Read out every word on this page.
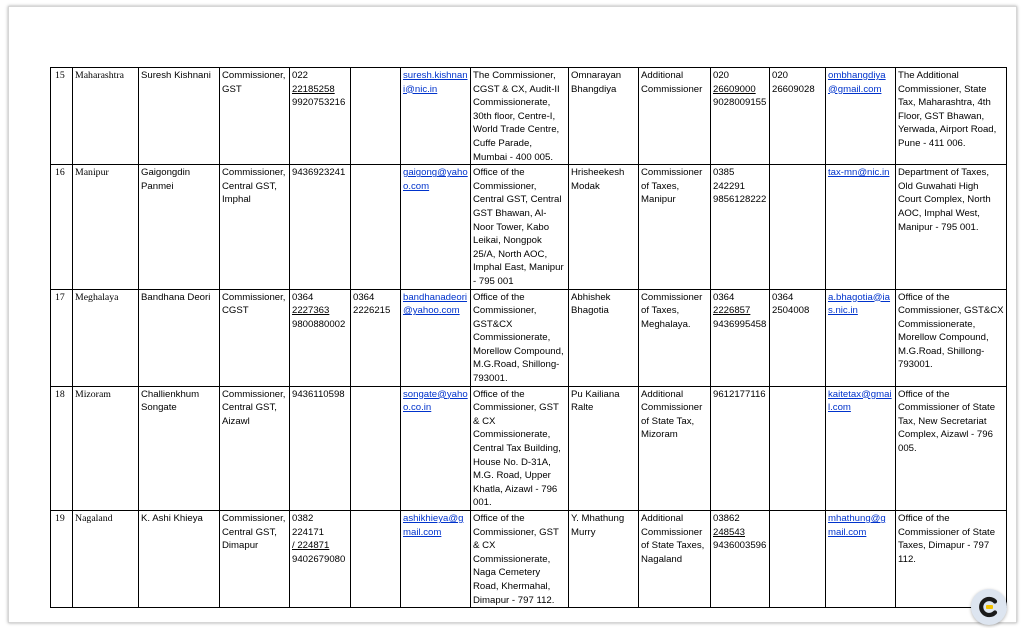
15	Maharashtra	Suresh Kishnani	Commissioner, GST	022
22185258
9920753216		suresh.kishnani@nic.in	The Commissioner, CGST & CX, Audit-II Commissionerate, 30th floor, Centre-I, World Trade Centre, Cuffe Parade, Mumbai - 400 005.	Omnarayan Bhangdiya	Additional Commissioner	020
26609000
9028009155	020 26609028	ombhangdiya@gmail.com	The Additional Commissioner, State Tax, Maharashtra, 4th Floor, GST Bhawan, Yerwada, Airport Road, Pune - 411 006.
16	Manipur	Gaigongdin Panmei	Commissioner, Central GST, Imphal	9436923241		gaigong@yahoo.com	Office of the Commissioner, Central GST, Central GST Bhawan, Al-Noor Tower, Kabo Leikai, Nongpok 25/A, North AOC, Imphal East, Manipur - 795 001	Hrisheekesh Modak	Commissioner of Taxes, Manipur	0385 242291
9856128222		tax-mn@nic.in	Department of Taxes, Old Guwahati High Court Complex, North AOC, Imphal West, Manipur - 795 001.
17	Meghalaya	Bandhana Deori	Commissioner, CGST	0364
2227363
9800880002	0364 2226215	bandhanadeori@yahoo.com	Office of the Commissioner, GST&CX Commissionerate, Morellow Compound, M.G.Road, Shillong-793001.	Abhishek Bhagotia	Commissioner of Taxes, Meghalaya.	0364
2226857
9436995458	0364 2504008	a.bhagotia@ias.nic.in	Office of the Commissioner, GST&CX Commissionerate, Morellow Compound, M.G.Road, Shillong-793001.
18	Mizoram	Challienkhum Songate	Commissioner, Central GST, Aizawl	9436110598		songate@yahoo.co.in	Office of the Commissioner, GST & CX Commissionerate, Central Tax Building, House No. D-31A, M.G. Road, Upper Khatla, Aizawl - 796 001.	Pu Kailiana Ralte	Additional Commissioner of State Tax, Mizoram	9612177116		kaitetax@gmail.com	Office of the Commissioner of State Tax, New Secretariat Complex, Aizawl - 796 005.
19	Nagaland	K. Ashi Khieya	Commissioner, Central GST, Dimapur	0382 224171
/ 224871
9402679080		ashikhieya@gmail.com	Office of the Commissioner, GST & CX Commissionerate, Naga Cemetery Road, Khermahal, Dimapur - 797 112.	Y. Mhathung Murry	Additional Commissioner of State Taxes, Nagaland	03862
248543
9436003596		mhathung@gmail.com	Office of the Commissioner of State Taxes, Dimapur - 797 112.
